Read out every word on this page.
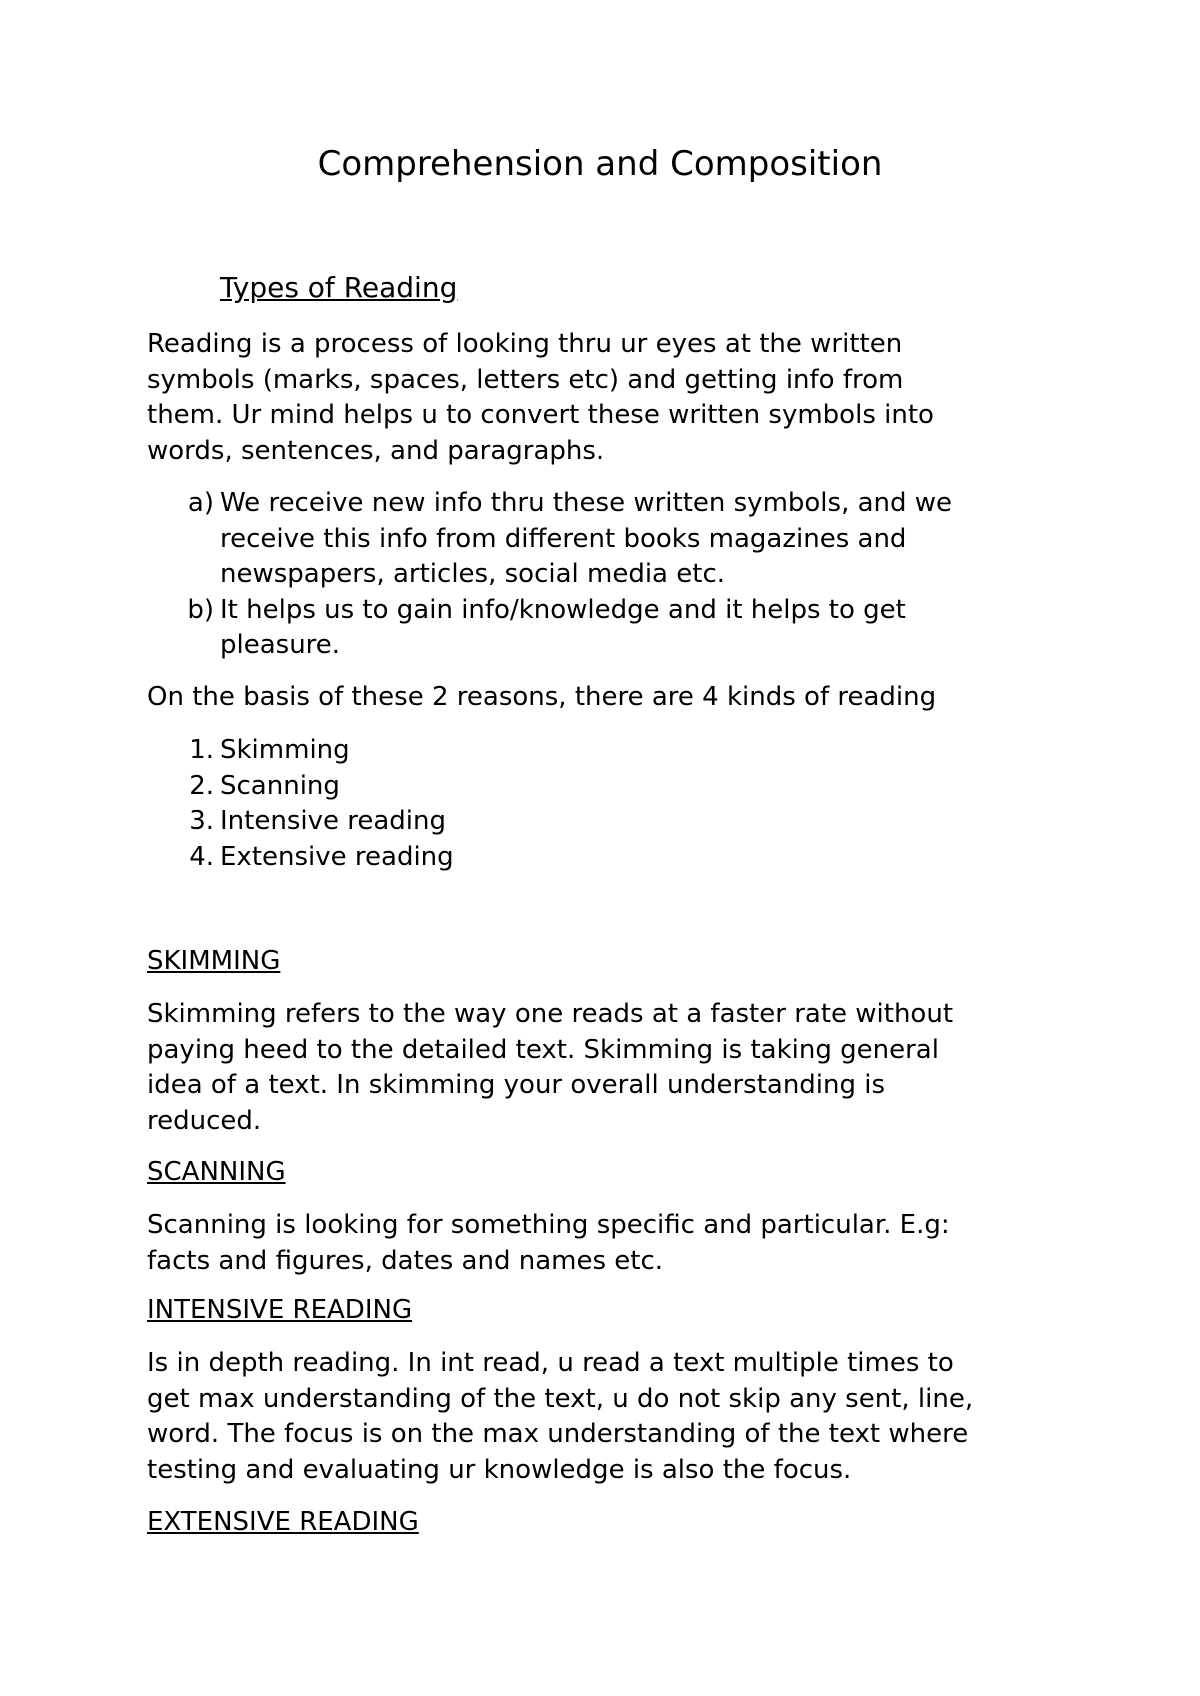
Comprehension and Composition
Types of Reading

Reading is a process of looking thru ur eyes at the written
symbols (marks, spaces, letters etc) and getting info from
them. Ur mind helps u to convert these written symbols into
words, sentences, and paragraphs.

a) We receive new info thru these written symbols, and we
receive this info from different books magazines and
newspapers, articles, social media etc.
b) It helps us to gain info/knowledge and it helps to get
pleasure.

On the basis of these 2 reasons, there are 4 kinds of reading

1. Skimming
2. Scanning
3. Intensive reading
4. Extensive reading
SKIMMING

Skimming refers to the way one reads at a faster rate without
paying heed to the detailed text. Skimming is taking general
idea of a text. In skimming your overall understanding is
reduced.

SCANNING

Scanning is looking for something specific and particular. E.g:
facts and figures, dates and names etc.

INTENSIVE READING

Is in depth reading. In int read, u read a text multiple times to
get max understanding of the text, u do not skip any sent, line,
word. The focus is on the max understanding of the text where
testing and evaluating ur knowledge is also the focus.

EXTENSIVE READING
